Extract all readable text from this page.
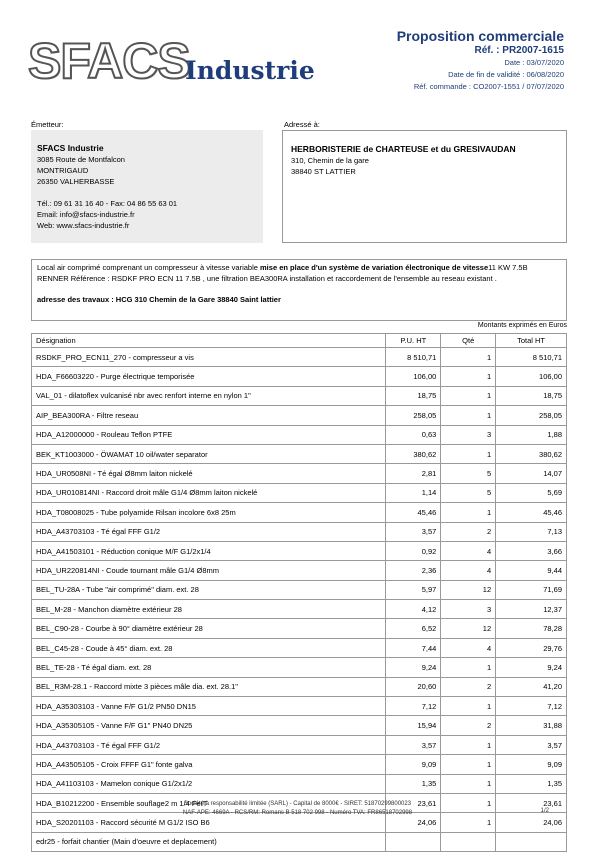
SFACS
Industrie
Proposition commerciale
Réf. : PR2007-1615
Date : 03/07/2020
Date de fin de validité : 06/08/2020
Réf. commande : CO2007-1551 / 07/07/2020
Émetteur:	Adressé à:
SFACS Industrie
3085 Route de Montfalcon
MONTRIGAUD
26350 VALHERBASSE
Tél.: 09 61 31 16 40 - Fax: 04 86 55 63 01
Email: info@sfacs-industrie.fr
Web: www.sfacs-industrie.fr
HERBORISTERIE de CHARTEUSE et du GRESIVAUDAN
310, Chemin de la gare
38840 ST LATTIER
Local air comprimé comprenant un compresseur à vitesse variable mise en place d'un système de variation électronique de vitesse11 KW 7.5B RENNER Référence : RSDKF PRO ECN 11 7.5B , une filtration BEA300RA installation et raccordement de l'ensemble au reseau existant .
adresse des travaux : HCG 310 Chemin de la Gare 38840 Saint lattier
Montants exprimés en Euros
Désignation	P.U. HT	Qté	Total HT
RSDKF_PRO_ECN11_270 - compresseur a vis	8 510,71	1	8 510,71
HDA_F66603220 - Purge électrique temporisée	106,00	1	106,00
VAL_01 - dilatoflex vulcanisé nbr avec renfort interne en nylon 1"	18,75	1	18,75
AIP_BEA300RA - Filtre reseau	258,05	1	258,05
HDA_A12000000 - Rouleau Teflon PTFE	0,63	3	1,88
BEK_KT1003000 - ÖWAMAT 10 oil/water separator	380,62	1	380,62
HDA_UR0508NI - Té égal Ø8mm laiton nickelé	2,81	5	14,07
HDA_UR010814NI - Raccord droit mâle G1/4 Ø8mm laiton nickelé	1,14	5	5,69
HDA_T08008025 - Tube polyamide Rilsan incolore 6x8 25m	45,46	1	45,46
HDA_A43703103 - Té égal FFF G1/2	3,57	2	7,13
HDA_A41503101 - Réduction conique M/F G1/2x1/4	0,92	4	3,66
HDA_UR220814NI - Coude tournant mâle G1/4 Ø8mm	2,36	4	9,44
BEL_TU-28A - Tube "air comprimé" diam. ext. 28	5,97	12	71,69
BEL_M-28 - Manchon diamètre extérieur 28	4,12	3	12,37
BEL_C90-28 - Courbe à 90° diamètre extérieur 28	6,52	12	78,28
BEL_C45-28 - Coude à 45° diam. ext. 28	7,44	4	29,76
BEL_TE-28 - Té égal diam. ext. 28	9,24	1	9,24
BEL_R3M-28.1 - Raccord mixte 3 pièces mâle dia. ext. 28.1"	20,60	2	41,20
HDA_A35303103 - Vanne F/F G1/2 PN50 DN15	7,12	1	7,12
HDA_A35305105 - Vanne F/F G1" PN40 DN25	15,94	2	31,88
HDA_A43703103 - Té égal FFF G1/2	3,57	1	3,57
HDA_A43505105 - Croix FFFF G1" fonte galva	9,09	1	9,09
HDA_A41103103 - Mamelon conique G1/2x1/2	1,35	1	1,35
HDA_B10212200 - Ensemble souflage2 m 1/4 FetT	23,61	1	23,61
HDA_S20201103 - Raccord sécurité M G1/2 ISO B6	24,06	1	24,06
edr25 - forfait chantier (Main d'oeuvre et deplacement)			
Société à responsabilité limitée (SARL) - Capital de 8000€ - SIRET: 51870299800023
NAF-APE: 4669A - RCS/RM: Romans B 518 702 998 - Numéro TVA: FR86518702998	1/2
